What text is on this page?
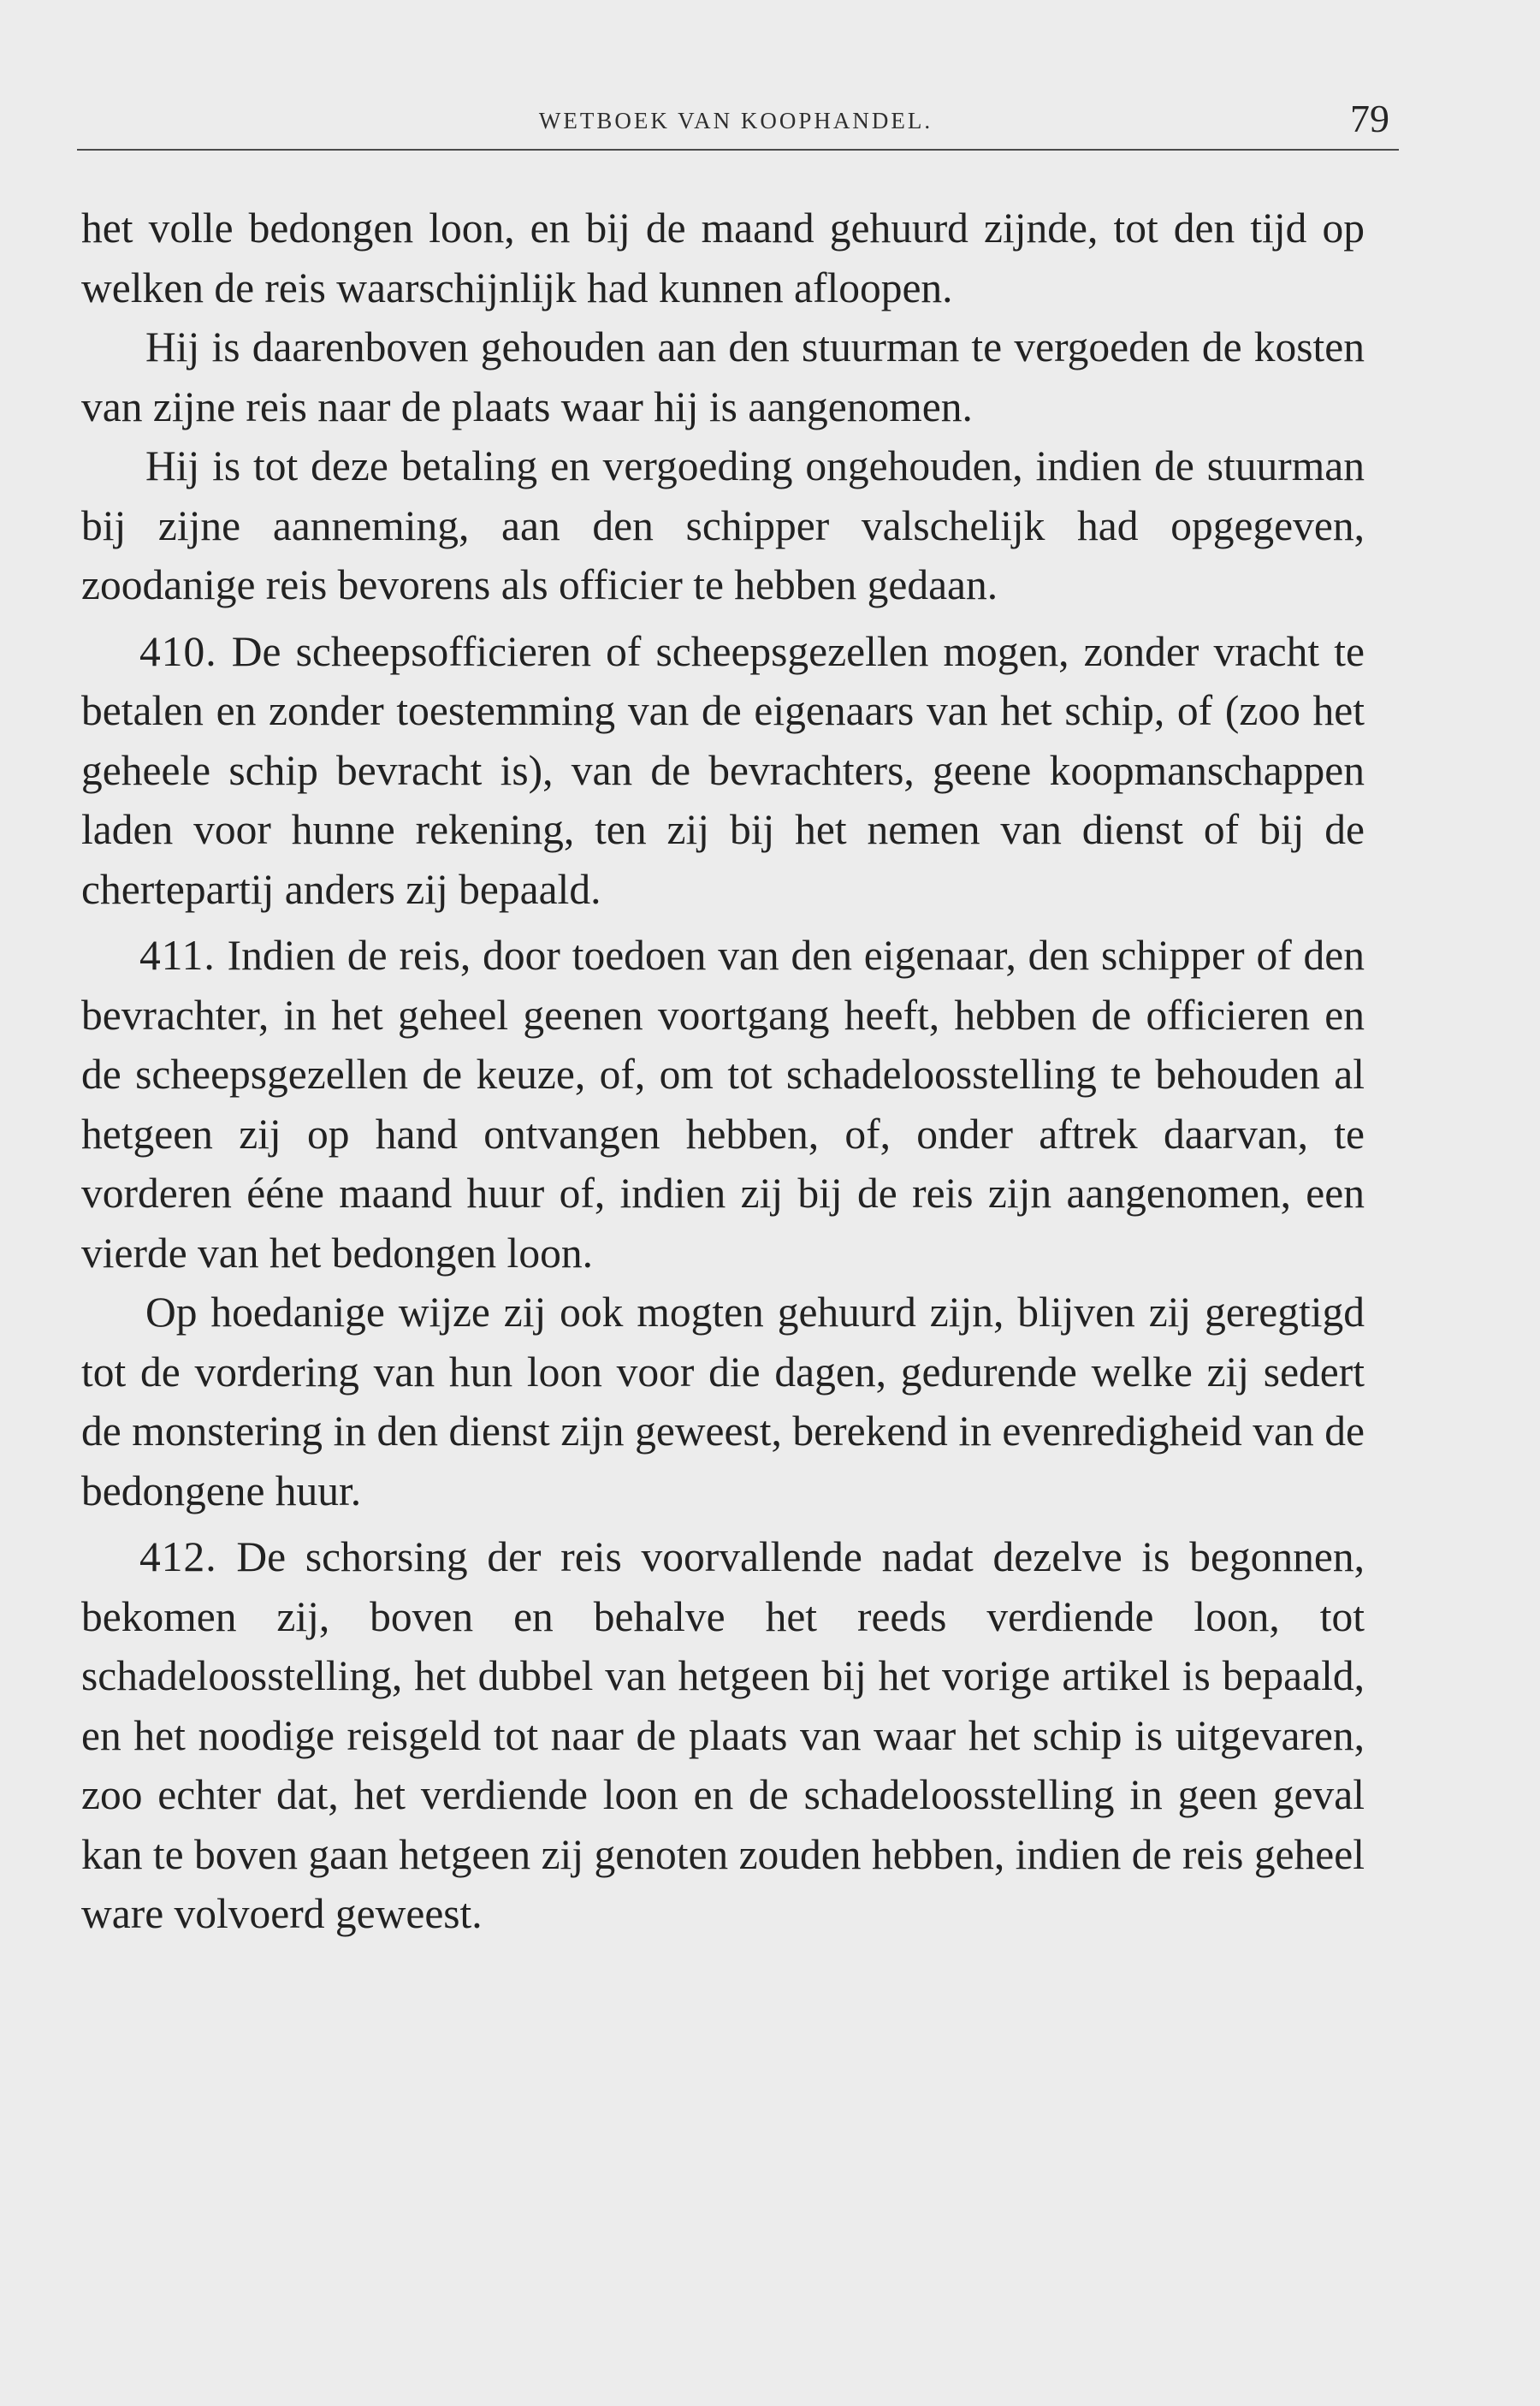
WETBOEK VAN KOOPHANDEL.	79

het volle bedongen loon, en bij de maand gehuurd zijnde, tot den tijd op welken de reis waarschijnlijk had kunnen afloopen.

Hij is daarenboven gehouden aan den stuurman te vergoeden de kosten van zijne reis naar de plaats waar hij is aangenomen.

Hij is tot deze betaling en vergoeding ongehouden, indien de stuurman bij zijne aanneming, aan den schipper valschelijk had opgegeven, zoodanige reis bevorens als officier te hebben gedaan.

410. De scheepsofficieren of scheepsgezellen mogen, zonder vracht te betalen en zonder toestemming van de eigenaars van het schip, of (zoo het geheele schip bevracht is), van de bevrachters, geene koopmanschappen laden voor hunne rekening, ten zij bij het nemen van dienst of bij de chertepartij anders zij bepaald.

411. Indien de reis, door toedoen van den eigenaar, den schipper of den bevrachter, in het geheel geenen voortgang heeft, hebben de officieren en de scheepsgezellen de keuze, of, om tot schadeloosstelling te behouden al hetgeen zij op hand ontvangen hebben, of, onder aftrek daarvan, te vorderen ééne maand huur of, indien zij bij de reis zijn aangenomen, een vierde van het bedongen loon.

Op hoedanige wijze zij ook mogten gehuurd zijn, blijven zij geregtigd tot de vordering van hun loon voor die dagen, gedurende welke zij sedert de monstering in den dienst zijn geweest, berekend in evenredigheid van de bedongene huur.

412. De schorsing der reis voorvallende nadat dezelve is begonnen, bekomen zij, boven en behalve het reeds verdiende loon, tot schadeloosstelling, het dubbel van hetgeen bij het vorige artikel is bepaald, en het noodige reisgeld tot naar de plaats van waar het schip is uitgevaren, zoo echter dat, het verdiende loon en de schadeloosstelling in geen geval kan te boven gaan hetgeen zij genoten zouden hebben, indien de reis geheel ware volvoerd geweest.
